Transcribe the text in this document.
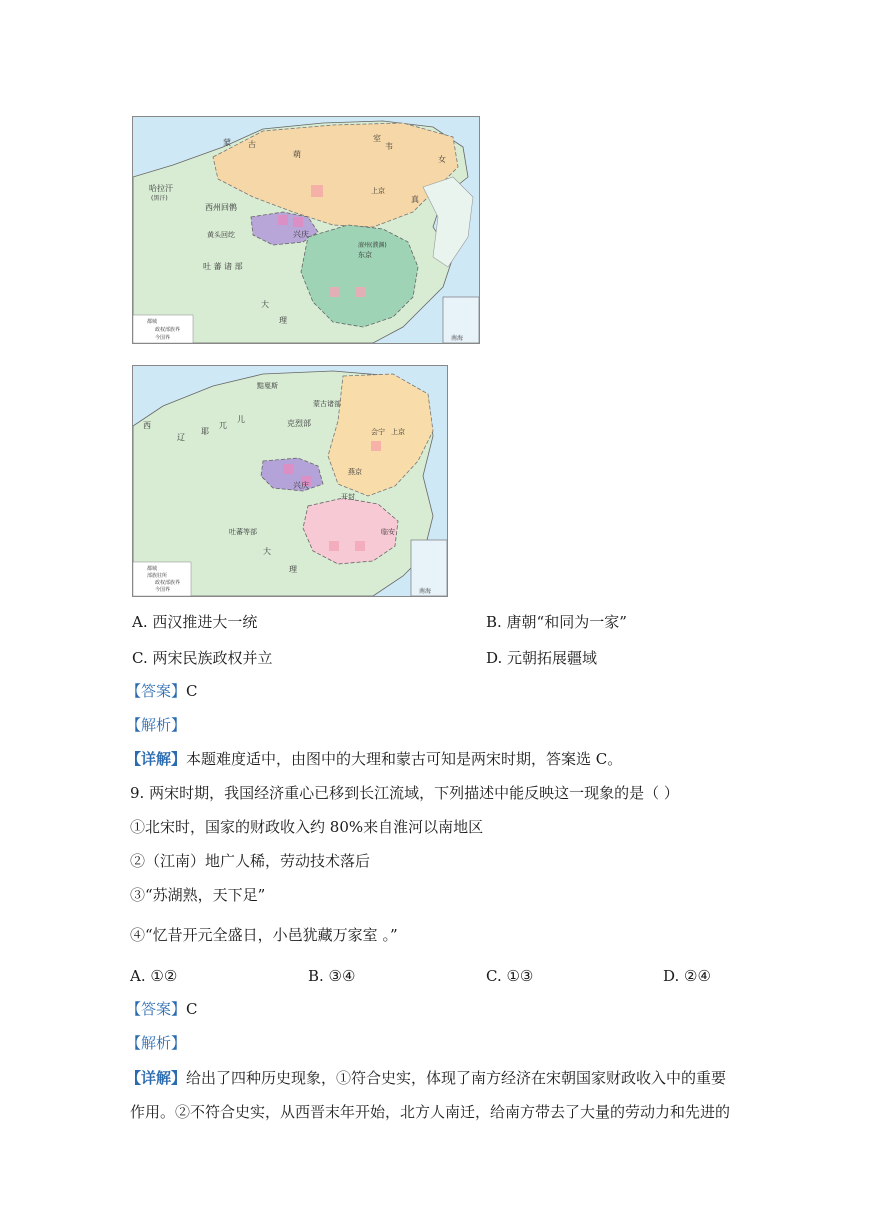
蒙 古
萌
室
韦
女
真
上京
哈拉汗
(黑汗)
西州回鹘
黄头回纥	兴庆
吐 蕃 诸 部
大
理
澶州(濮渊)
东京
南海
都城
政权部族界
今国界
黠戛斯
克烈部
蒙古诸部
会宁 上京
燕京
开封
兴庆
西
辽
耶
兀
儿
吐蕃等部	临安
大
理
南海
都城
部族驻所
政权部族界
今国界
A. 西汉推进大一统	B. 唐朝“和同为一家”
C. 两宋民族政权并立	D. 元朝拓展疆域
【答案】C
【解析】
【详解】本题难度适中，由图中的大理和蒙古可知是两宋时期，答案选 C。
9. 两宋时期，我国经济重心已移到长江流域，下列描述中能反映这一现象的是（ ）
①北宋时，国家的财政收入约 80%来自淮河以南地区
②（江南）地广人稀，劳动技术落后
③“苏湖熟，天下足”
④“忆昔开元全盛日，小邑犹藏万家室 。”
A. ①②	B. ③④	C. ①③	D. ②④
【答案】C
【解析】
【详解】给出了四种历史现象，①符合史实，体现了南方经济在宋朝国家财政收入中的重要
作用。②不符合史实，从西晋末年开始，北方人南迁，给南方带去了大量的劳动力和先进的
